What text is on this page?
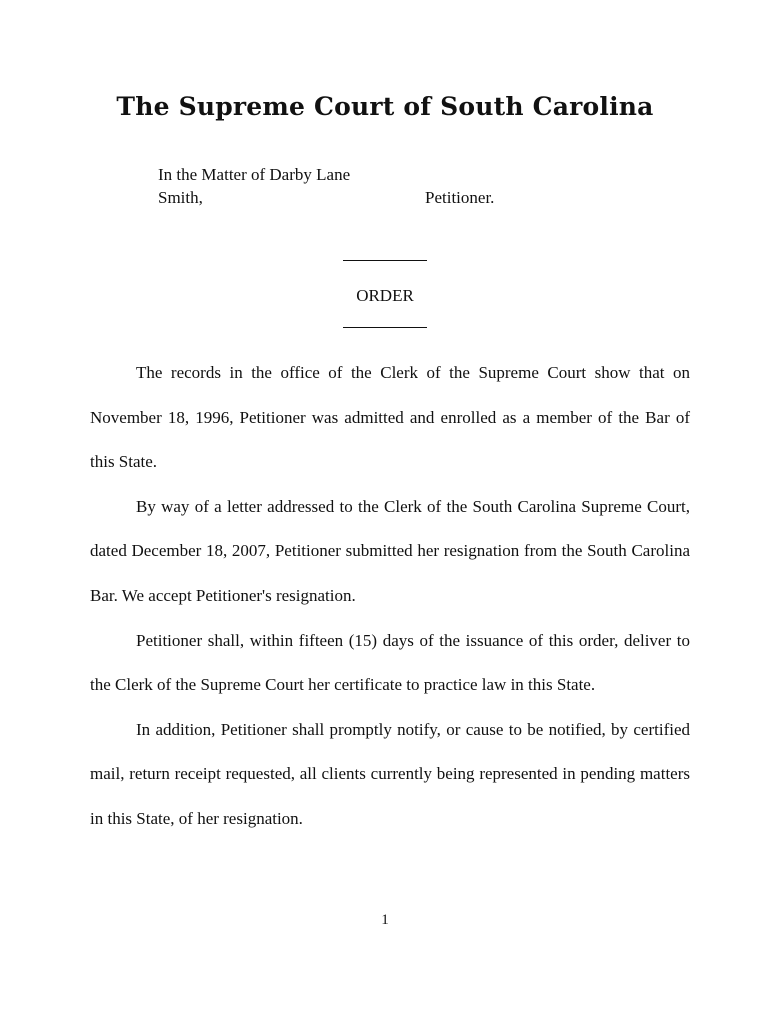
The Supreme Court of South Carolina
In the Matter of Darby Lane
Smith,	Petitioner.
ORDER

The records in the office of the Clerk of the Supreme Court show that on November 18, 1996, Petitioner was admitted and enrolled as a member of the Bar of this State.

By way of a letter addressed to the Clerk of the South Carolina Supreme Court, dated December 18, 2007, Petitioner submitted her resignation from the South Carolina Bar. We accept Petitioner's resignation.

Petitioner shall, within fifteen (15) days of the issuance of this order, deliver to the Clerk of the Supreme Court her certificate to practice law in this State.

In addition, Petitioner shall promptly notify, or cause to be notified, by certified mail, return receipt requested, all clients currently being represented in pending matters in this State, of her resignation.

1
